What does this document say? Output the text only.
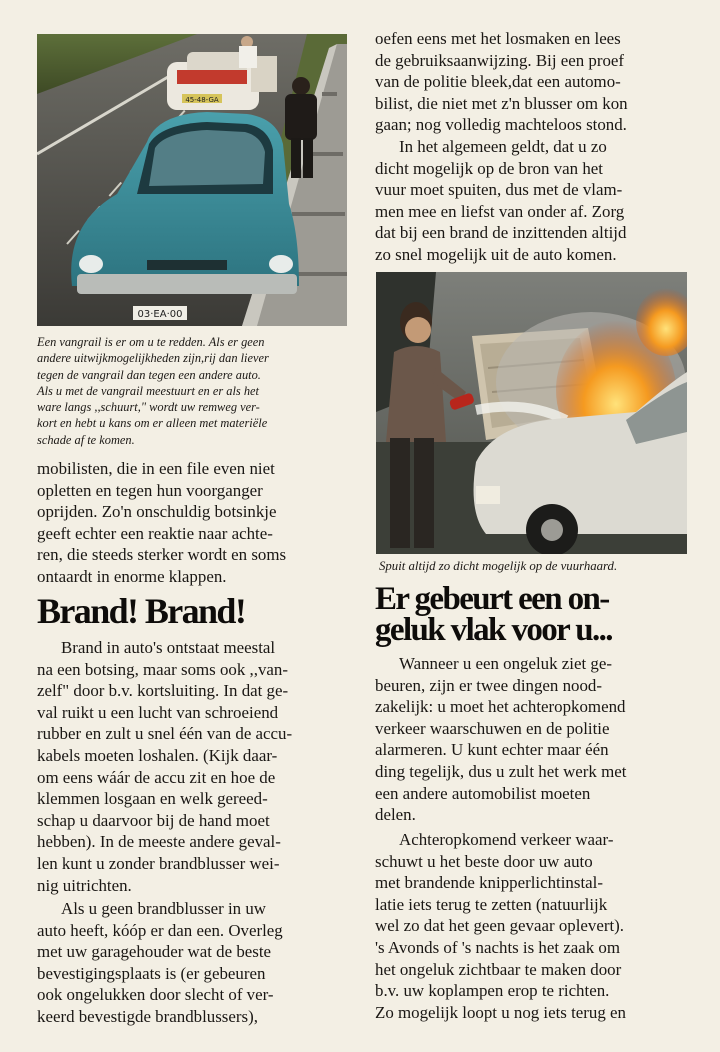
45-48-GA
03·EA·00
Een vangrail is er om u te redden. Als er geen
andere uitwijkmogelijkheden zijn,rij dan liever
tegen de vangrail dan tegen een andere auto.
Als u met de vangrail meestuurt en er als het
ware langs ,,schuurt," wordt uw remweg ver-
kort en hebt u kans om er alleen met materiële
schade af te komen.
mobilisten, die in een file even niet
opletten en tegen hun voorganger
oprijden. Zo'n onschuldig botsinkje
geeft echter een reaktie naar achte-
ren, die steeds sterker wordt en soms
ontaardt in enorme klappen.
Brand! Brand!
Brand in auto's ontstaat meestal
na een botsing, maar soms ook ,,van-
zelf" door b.v. kortsluiting. In dat ge-
val ruikt u een lucht van schroeiend
rubber en zult u snel één van de accu-
kabels moeten loshalen. (Kijk daar-
om eens wáár de accu zit en hoe de
klemmen losgaan en welk gereed-
schap u daarvoor bij de hand moet
hebben). In de meeste andere geval-
len kunt u zonder brandblusser wei-
nig uitrichten.
Als u geen brandblusser in uw
auto heeft, kóóp er dan een. Overleg
met uw garagehouder wat de beste
bevestigingsplaats is (er gebeuren
ook ongelukken door slecht of ver-
keerd bevestigde brandblussers),
oefen eens met het losmaken en lees
de gebruiksaanwijzing. Bij een proef
van de politie bleek,dat een automo-
bilist, die niet met z'n blusser om kon
gaan; nog volledig machteloos stond.
In het algemeen geldt, dat u zo
dicht mogelijk op de bron van het
vuur moet spuiten, dus met de vlam-
men mee en liefst van onder af. Zorg
dat bij een brand de inzittenden altijd
zo snel mogelijk uit de auto komen.
Spuit altijd zo dicht mogelijk op de vuurhaard.
Er gebeurt een on-
geluk vlak voor u...
Wanneer u een ongeluk ziet ge-
beuren, zijn er twee dingen nood-
zakelijk: u moet het achteropkomend
verkeer waarschuwen en de politie
alarmeren. U kunt echter maar één
ding tegelijk, dus u zult het werk met
een andere automobilist moeten
delen.
Achteropkomend verkeer waar-
schuwt u het beste door uw auto
met brandende knipperlichtinstal-
latie iets terug te zetten (natuurlijk
wel zo dat het geen gevaar oplevert).
's Avonds of 's nachts is het zaak om
het ongeluk zichtbaar te maken door
b.v. uw koplampen erop te richten.
Zo mogelijk loopt u nog iets terug en
